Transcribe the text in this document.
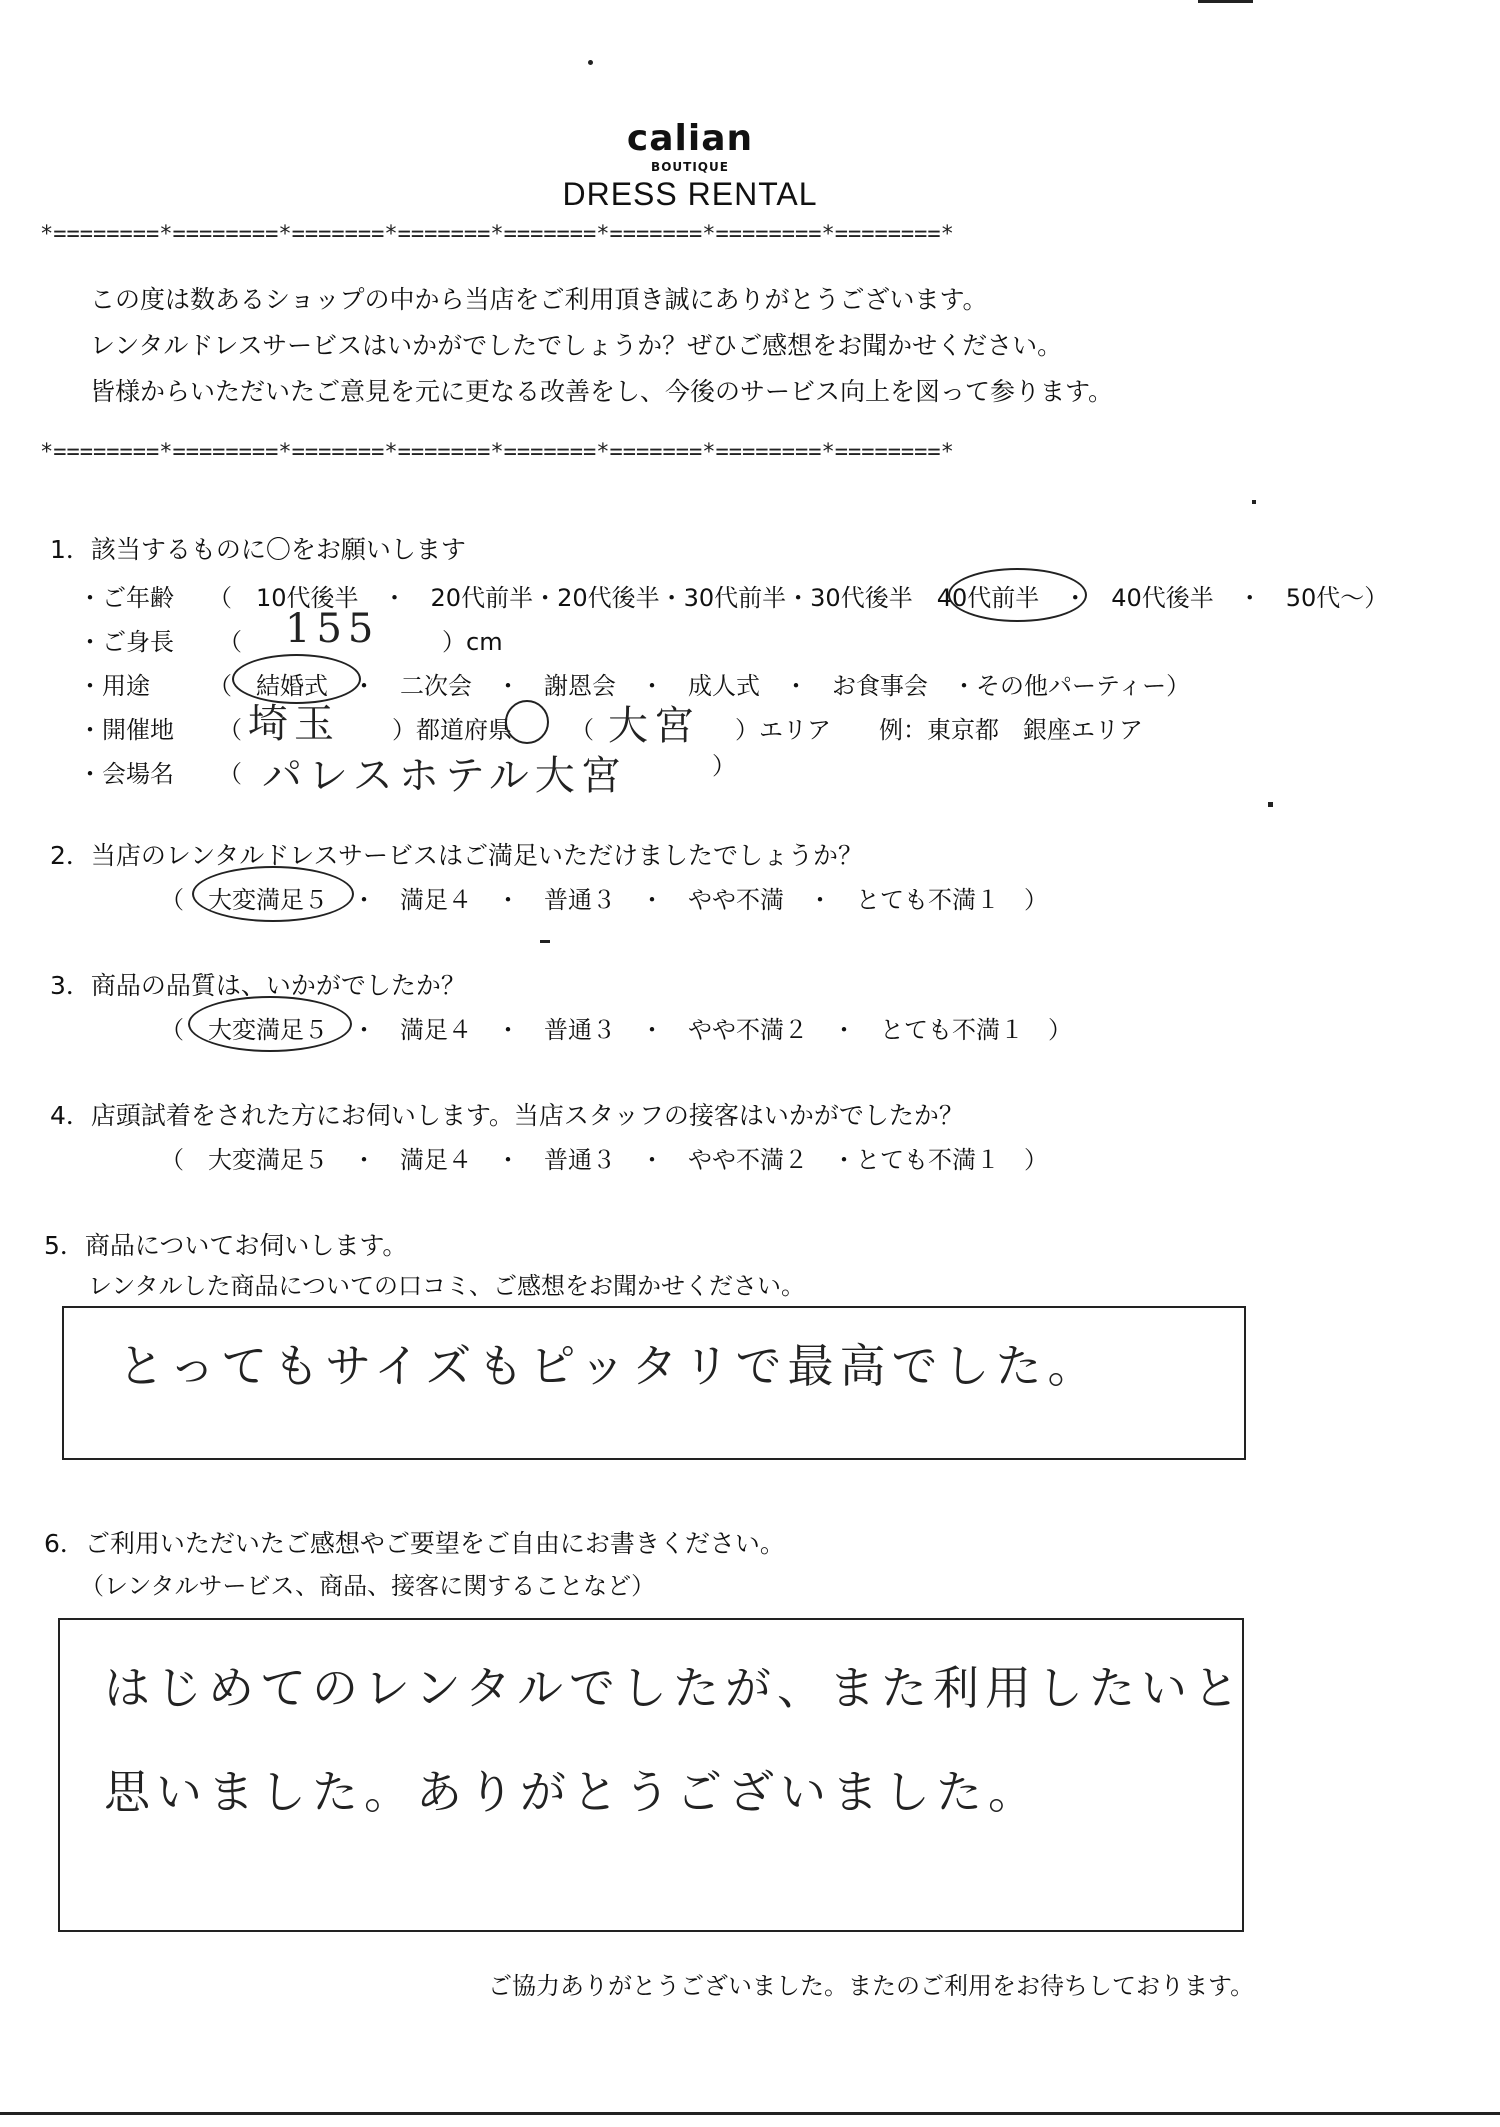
calian
BOUTIQUE
DRESS RENTAL
*========*========*=======*=======*=======*=======*========*========*
この度は数あるショップの中から当店をご利用頂き誠にありがとうございます。
レンタルドレスサービスはいかがでしたでしょうか？ぜひご感想をお聞かせください。
皆様からいただいたご意見を元に更なる改善をし、今後のサービス向上を図って参ります。
*========*========*=======*=======*=======*=======*========*========*
1．該当するものに〇をお願いします
・ご年齢 （　10代後半　・　20代前半・20代後半・30代前半・30代後半　40代前半　・　40代後半　・　50代～）
・ご身長 （ 155	）cm
・用途 （　結婚式　・　二次会　・　謝恩会　・　成人式　・　お食事会　・その他パーティー）
・開催地 （ 埼玉 ）都道府県 （ 大宮 ）エリア　　例：東京都　銀座エリア
・会場名 （ パレスホテル大宮	）
2．当店のレンタルドレスサービスはご満足いただけましたでしょうか？
（　大変満足５　・　満足４　・　普通３　・　やや不満　・　とても不満１　）
3．商品の品質は、いかがでしたか？
（　大変満足５　・　満足４　・　普通３　・　やや不満２　・　とても不満１　）
4．店頭試着をされた方にお伺いします。当店スタッフの接客はいかがでしたか？
（　大変満足５　・　満足４　・　普通３　・　やや不満２　・とても不満１　）
5．商品についてお伺いします。
レンタルした商品についての口コミ、ご感想をお聞かせください。
とってもサイズもピッタリで最高でした。
6．ご利用いただいたご感想やご要望をご自由にお書きください。
（レンタルサービス、商品、接客に関することなど）
はじめてのレンタルでしたが、また利用したいと
思いました。ありがとうございました。
ご協力ありがとうございました。またのご利用をお待ちしております。
